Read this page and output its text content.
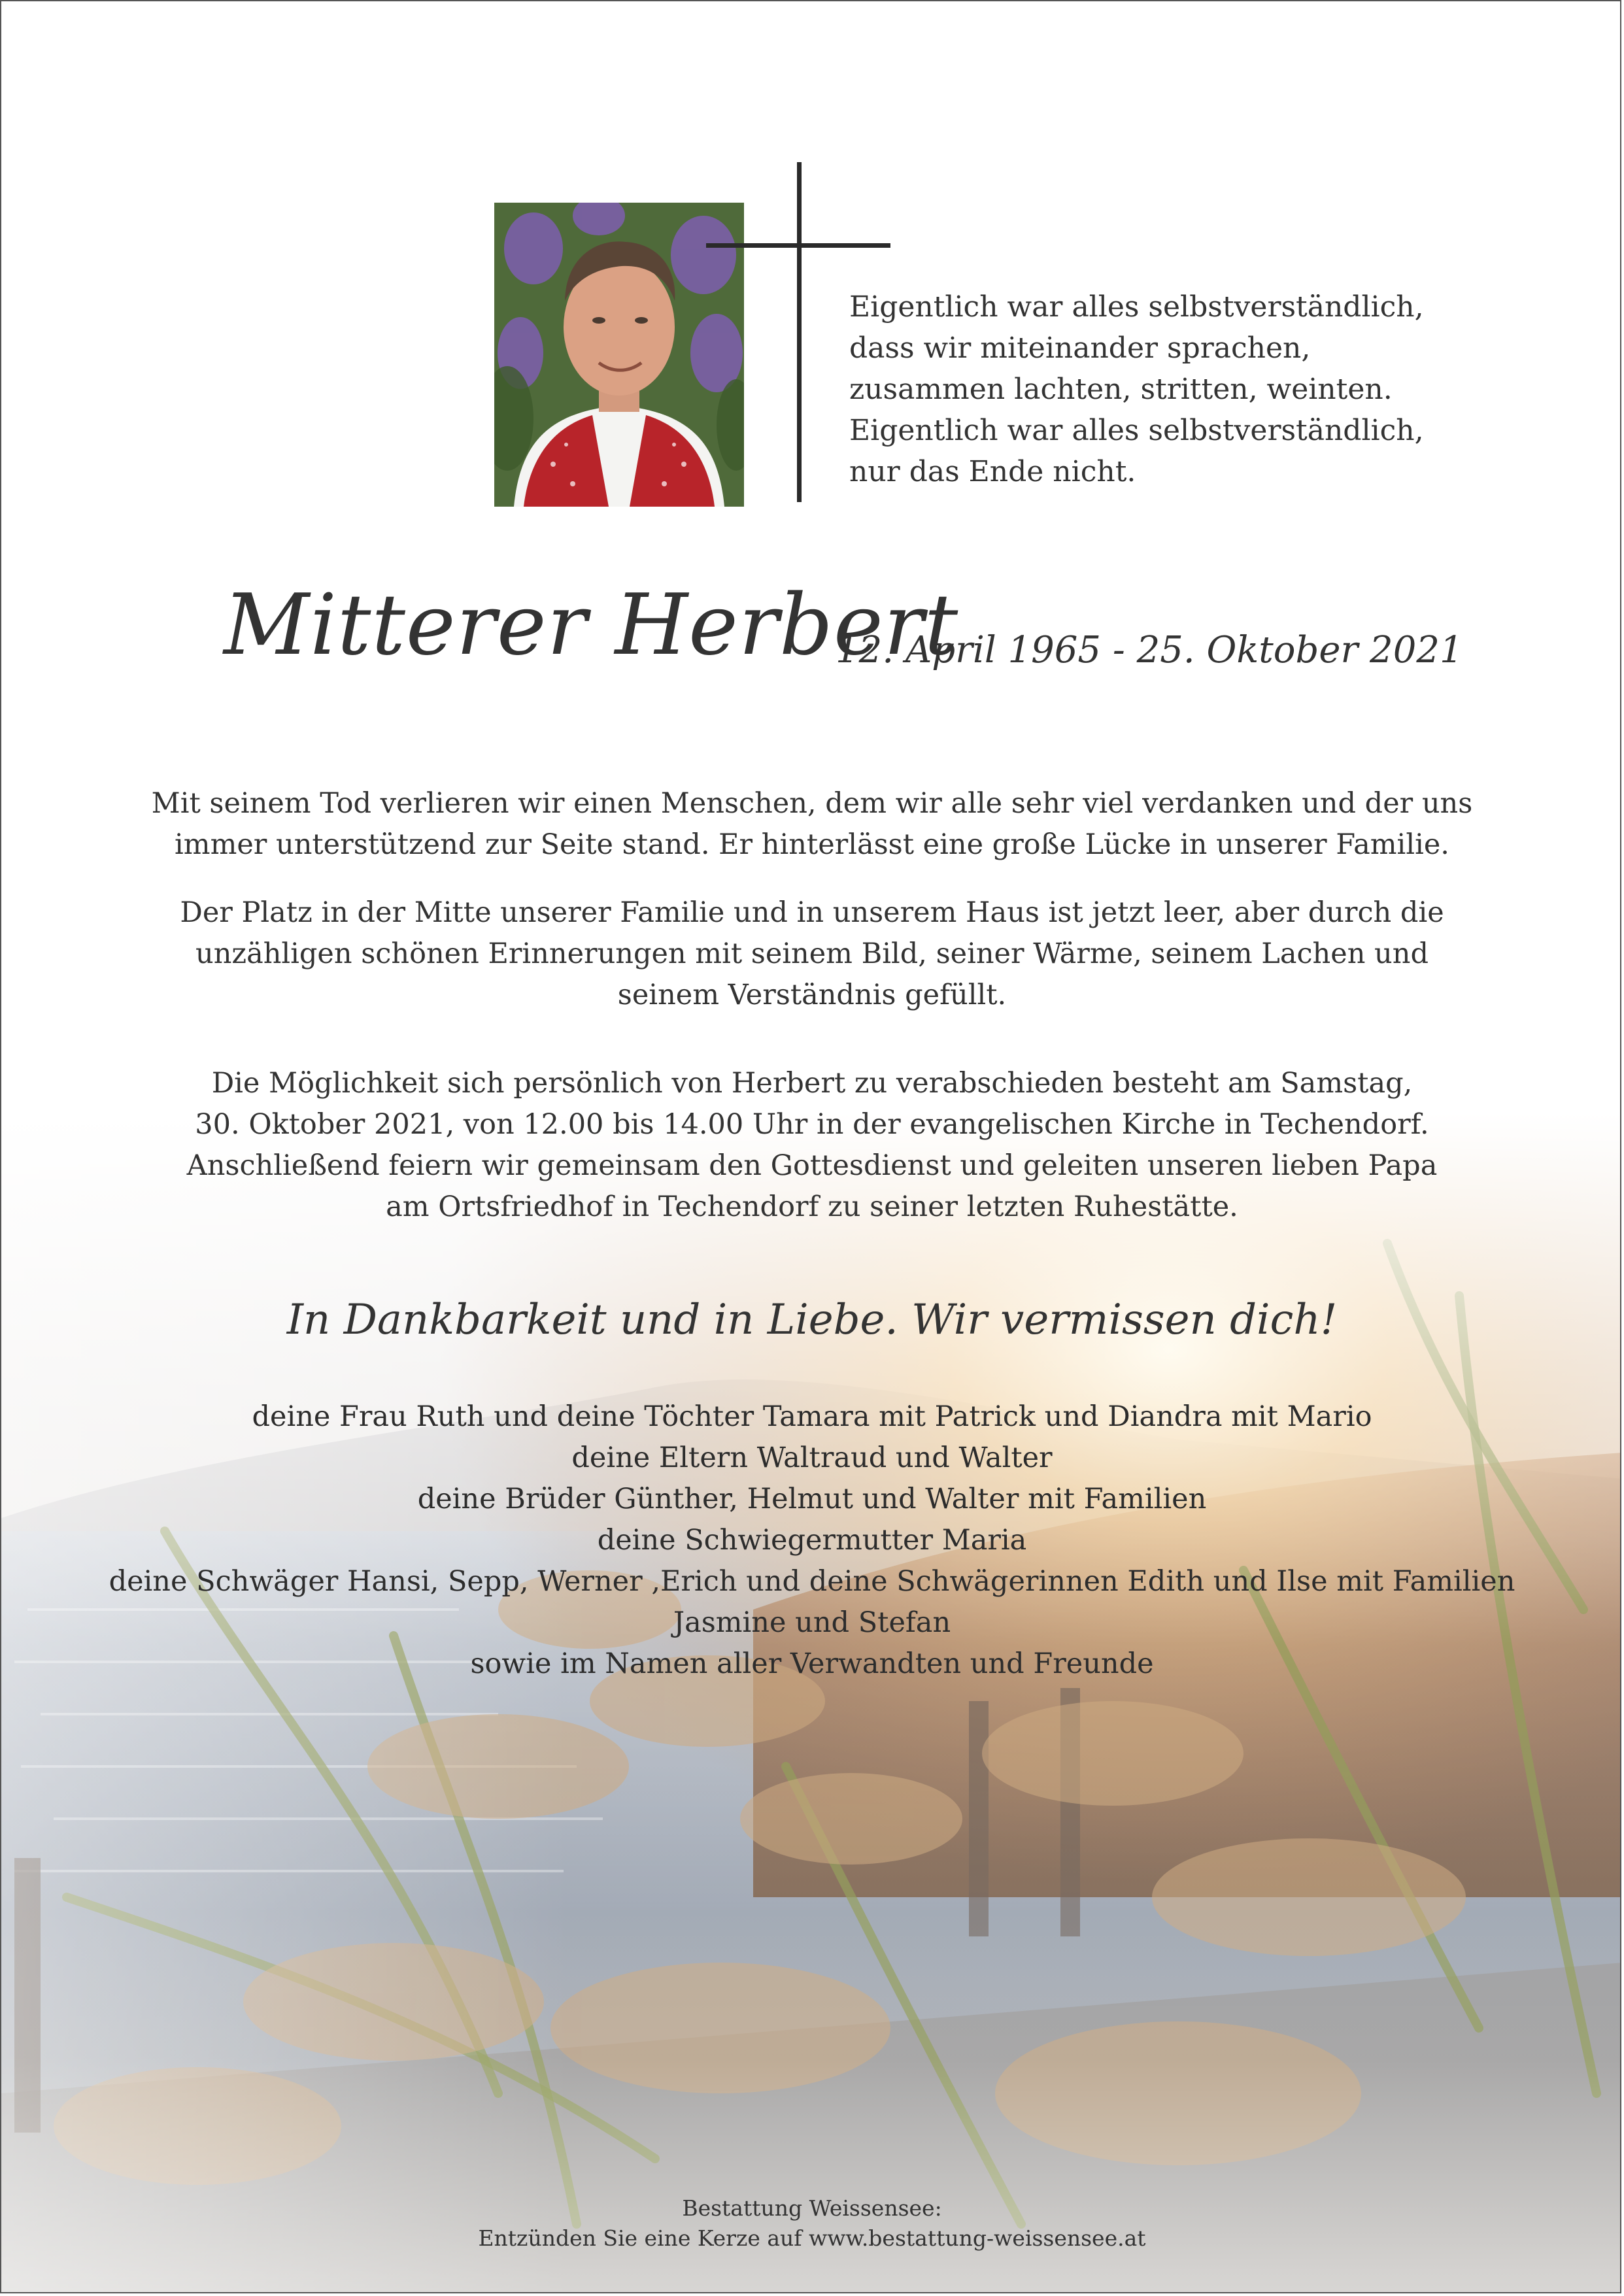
Eigentlich war alles selbstverständlich,
dass wir miteinander sprachen,
zusammen lachten, stritten, weinten.
Eigentlich war alles selbstverständlich,
nur das Ende nicht.
Mitterer Herbert
12. April 1965 - 25. Oktober 2021
Mit seinem Tod verlieren wir einen Menschen, dem wir alle sehr viel verdanken und der uns
immer unterstützend zur Seite stand. Er hinterlässt eine große Lücke in unserer Familie.
Der Platz in der Mitte unserer Familie und in unserem Haus ist jetzt leer, aber durch die
unzähligen schönen Erinnerungen mit seinem Bild, seiner Wärme, seinem Lachen und
seinem Verständnis gefüllt.
Die Möglichkeit sich persönlich von Herbert zu verabschieden besteht am Samstag,
30. Oktober 2021, von 12.00 bis 14.00 Uhr in der evangelischen Kirche in Techendorf.
Anschließend feiern wir gemeinsam den Gottesdienst und geleiten unseren lieben Papa
am Ortsfriedhof in Techendorf zu seiner letzten Ruhestätte.
In Dankbarkeit und in Liebe. Wir vermissen dich!
deine Frau Ruth und deine Töchter Tamara mit Patrick und Diandra mit Mario
deine Eltern Waltraud und Walter
deine Brüder Günther, Helmut und Walter mit Familien
deine Schwiegermutter Maria
deine Schwäger Hansi, Sepp, Werner ,Erich und deine Schwägerinnen Edith und Ilse mit Familien
Jasmine und Stefan
sowie im Namen aller Verwandten und Freunde
Bestattung Weissensee:
Entzünden Sie eine Kerze auf www.bestattung-weissensee.at
